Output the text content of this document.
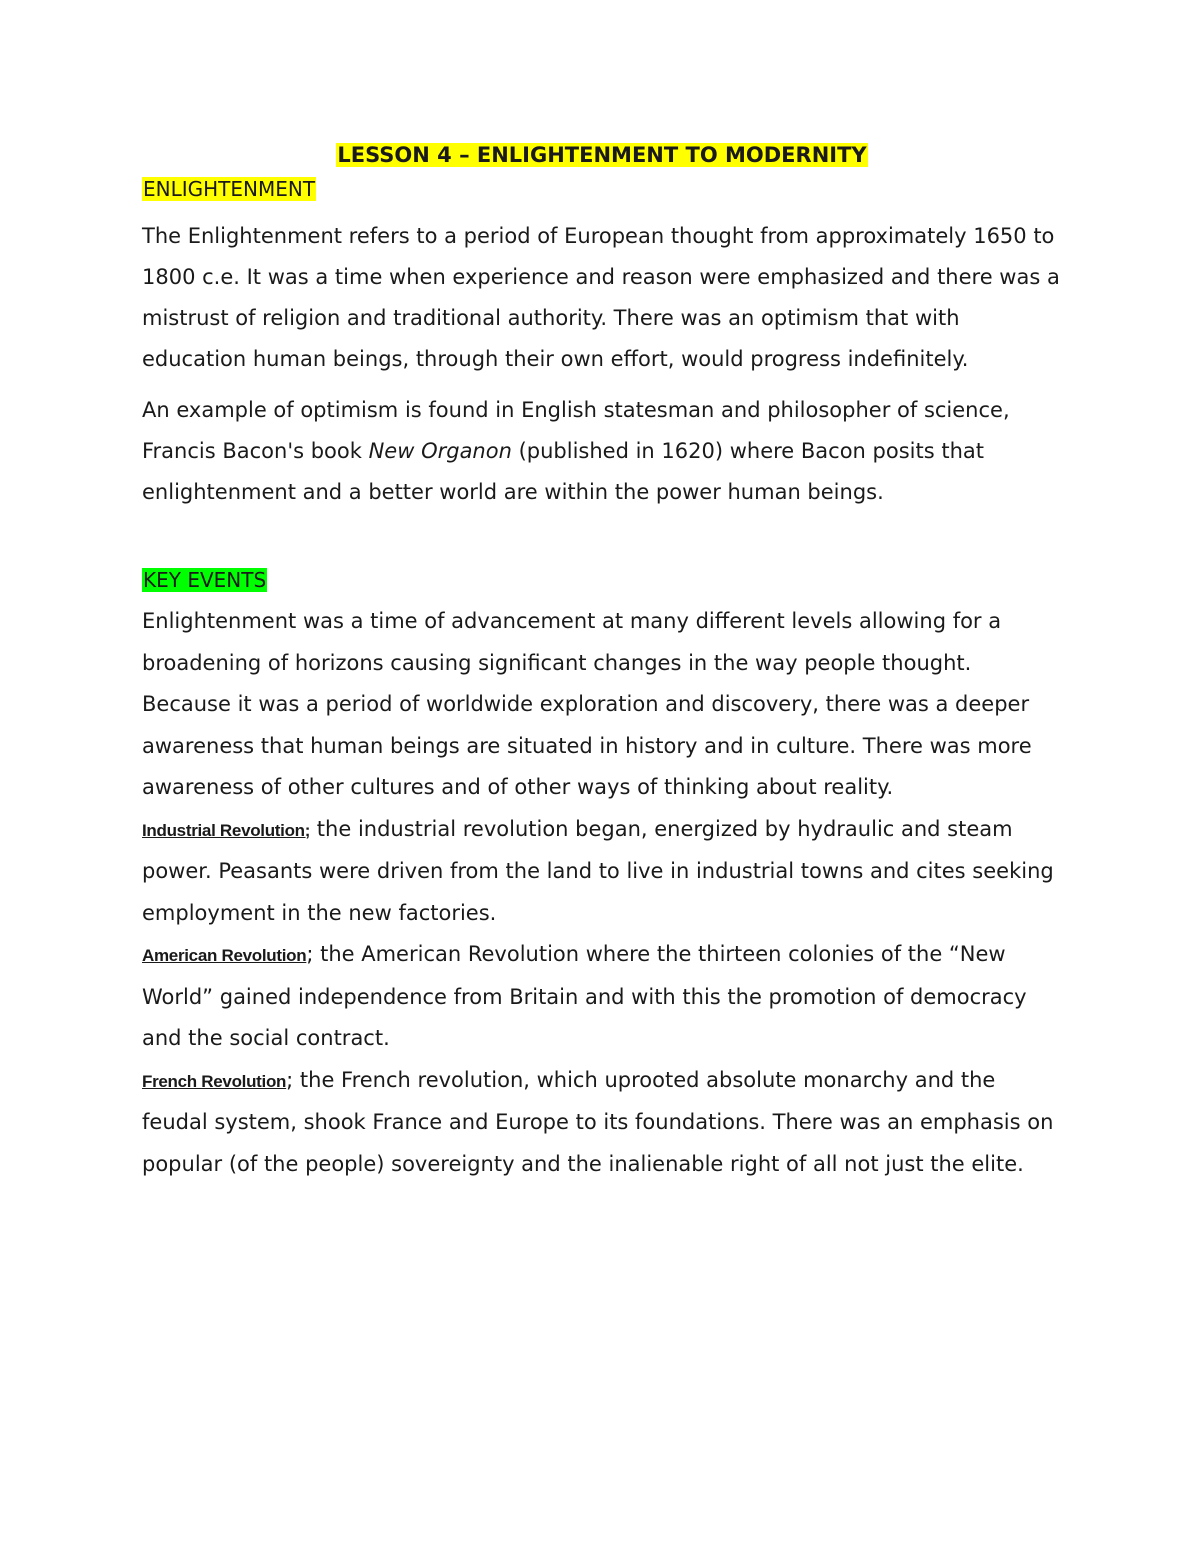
LESSON 4 – ENLIGHTENMENT TO MODERNITY

ENLIGHTENMENT

The Enlightenment refers to a period of European thought from approximately 1650 to 1800 c.e. It was a time when experience and reason were emphasized and there was a mistrust of religion and traditional authority. There was an optimism that with education human beings, through their own effort, would progress indefinitely.

An example of optimism is found in English statesman and philosopher of science, Francis Bacon's book New Organon (published in 1620) where Bacon posits that enlightenment and a better world are within the power human beings.

KEY EVENTS

Enlightenment was a time of advancement at many different levels allowing for a broadening of horizons causing significant changes in the way people thought. Because it was a period of worldwide exploration and discovery, there was a deeper awareness that human beings are situated in history and in culture. There was more awareness of other cultures and of other ways of thinking about reality.

Industrial Revolution; the industrial revolution began, energized by hydraulic and steam power. Peasants were driven from the land to live in industrial towns and cites seeking employment in the new factories.

American Revolution; the American Revolution where the thirteen colonies of the “New World” gained independence from Britain and with this the promotion of democracy and the social contract.

French Revolution; the French revolution, which uprooted absolute monarchy and the feudal system, shook France and Europe to its foundations. There was an emphasis on popular (of the people) sovereignty and the inalienable right of all not just the elite.
